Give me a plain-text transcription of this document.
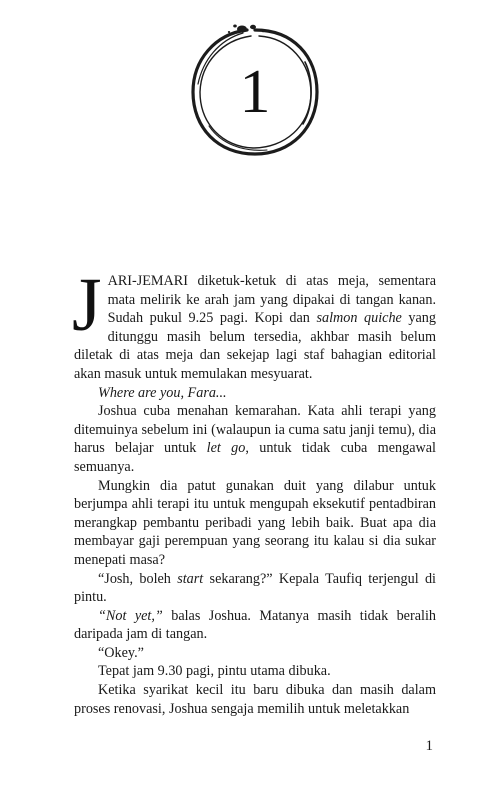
1

JARI-JEMARI diketuk-ketuk di atas meja, sementara mata melirik ke arah jam yang dipakai di tangan kanan. Sudah pukul 9.25 pagi. Kopi dan salmon quiche yang ditunggu masih belum tersedia, akhbar masih belum diletak di atas meja dan sekejap lagi staf bahagian editorial akan masuk untuk memulakan mesyuarat.

Where are you, Fara...

Joshua cuba menahan kemarahan. Kata ahli terapi yang ditemuinya sebelum ini (walaupun ia cuma satu janji temu), dia harus belajar untuk let go, untuk tidak cuba mengawal semuanya.

Mungkin dia patut gunakan duit yang dilabur untuk berjumpa ahli terapi itu untuk mengupah eksekutif pentadbiran merangkap pembantu peribadi yang lebih baik. Buat apa dia membayar gaji perempuan yang seorang itu kalau si dia sukar menepati masa?

“Josh, boleh start sekarang?” Kepala Taufiq terjengul di pintu.

“Not yet,” balas Joshua. Matanya masih tidak beralih daripada jam di tangan.

“Okey.”

Tepat jam 9.30 pagi, pintu utama dibuka.

Ketika syarikat kecil itu baru dibuka dan masih dalam proses renovasi, Joshua sengaja memilih untuk meletakkan

1
